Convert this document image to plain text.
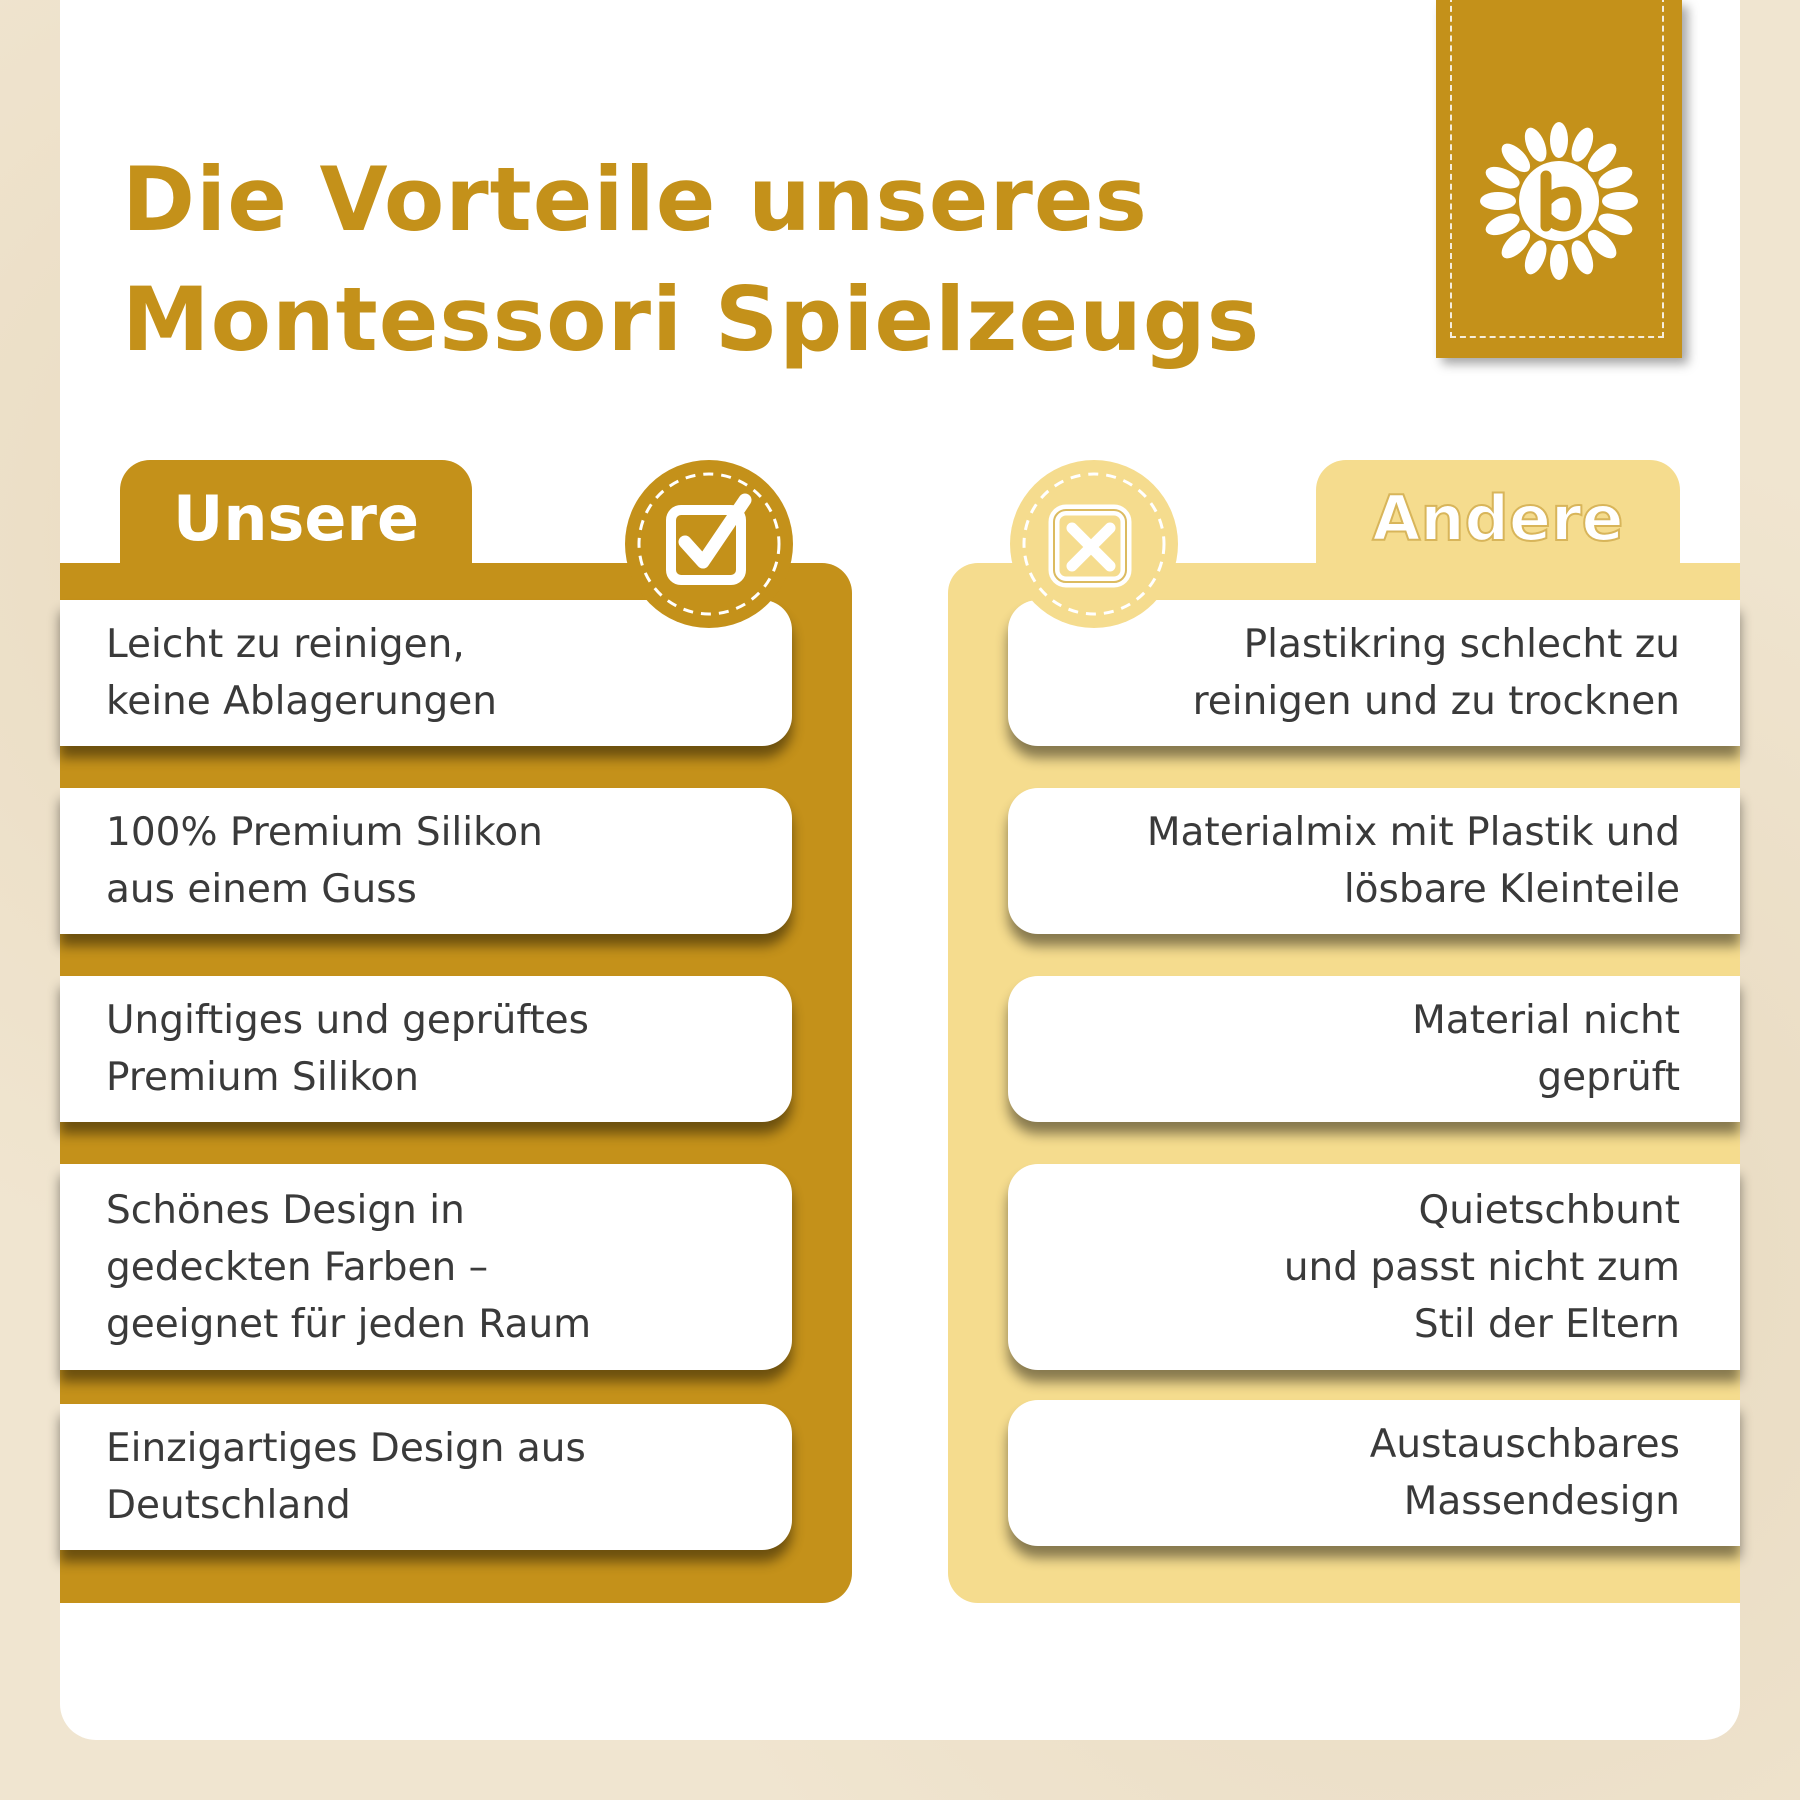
Die Vorteile unseres
Montessori Spielzeugs
Unsere	Andere
Leicht zu reinigen,
keine Ablagerungen
100% Premium Silikon
aus einem Guss
Ungiftiges und geprüftes
Premium Silikon
Schönes Design in
gedeckten Farben –
geeignet für jeden Raum
Einzigartiges Design aus
Deutschland
Plastikring schlecht zu
reinigen und zu trocknen
Materialmix mit Plastik und
lösbare Kleinteile
Material nicht
geprüft
Quietschbunt
und passt nicht zum
Stil der Eltern
Austauschbares
Massendesign
